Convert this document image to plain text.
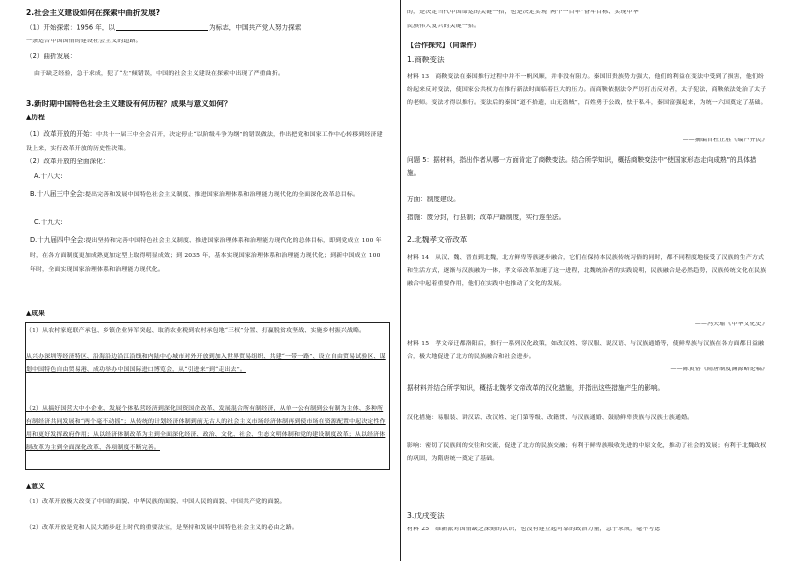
2.社会主义建设如何在探索中曲折发展?
（1）开始探索：1956 年，以	为标志，中国共产党人努力探索
一条适合中国国情的建设社会主义的道路。
（2）曲折发展：
由于缺乏经验，急于求成，犯了“左”倾错误，中国的社会主义建设在探索中出现了严重曲折。
3.新时期中国特色社会主义建设有何历程？成果与意义如何？
▲历程
（1）改革开放的开始：中共十一届三中全会召开，决定停止“以阶级斗争为纲”的错误做法，作出把党和国家工作中心转移到经济建设上来，实行改革开放的历史性决策。
（2）改革开放的全面深化：
A.十八大:
B.十八届三中全会:提出完善和发展中国特色社会主义制度、推进国家治理体系和治理能力现代化的全面深化改革总目标。
C.十九大:
D.十九届四中全会:提出坚持和完善中国特色社会主义制度、推进国家治理体系和治理能力现代化的总体目标，即到党成立 100 年时，在各方面制度更加成熟更加定型上取得明显成效；到 2035 年，基本实现国家治理体系和治理能力现代化；到新中国成立 100 年时，全面实现国家治理体系和治理能力现代化。
▲成果
（1）从农村家庭联产承包、乡镇企业异军突起、取消农业税到农村承包地“三权”分置、打赢脱贫攻坚战、实施乡村振兴战略。
从兴办深圳等经济特区、沿海沿边沿江沿线和内陆中心城市对外开放到加入世界贸易组织、共建“一带一路”、设立自由贸易试验区、谋划中国特色自由贸易港、成功举办中国国际进口博览会，从“引进来”到“走出去”。
（2）从搞好国营大中小企业、发展个体私营经济到深化国资国企改革、发展混合所有制经济，从单一公有制到公有制为主体、多种所有制经济共同发展和“两个毫不动摇”；从传统的计划经济体制到前无古人的社会主义市场经济体制再到使市场在资源配置中起决定性作用和更好发挥政府作用；从以经济体制改革为主到全面深化经济、政治、文化、社会、生态文明体制和党的建设制度改革；从以经济体制改革为主到全面深化改革、各项制度不断完善。
▲意义
（1）改革开放极大改变了中国的面貌、中华民族的面貌、中国人民的面貌、中国共产党的面貌。
（2）改革开放是党和人民大踏步赶上时代的重要法宝，是坚持和发展中国特色社会主义的必由之路。
的，是决定当代中国命运的关键一招，也是决定实现“两个一百年”奋斗目标、实现中华
民族伟大复兴的关键一招。
【合作探究】（同课件）
1.商鞅变法
材料 13　商鞅变法在秦国推行过程中并不一帆风顺，并非没有阻力。秦国旧贵族势力强大，他们的利益在变法中受到了损害，他们纷纷起来反对变法，使国家公共权力在推行新法时面临着巨大的压力。而商鞅依据法令严厉打击反对者，太子犯法，商鞅依法处治了太子的老师。变法才得以推行。变法后的秦国“道不拾遗，山无盗贼”，百姓勇于公战，怯于私斗，秦国富强起来，为统一六国奠定了基础。
——摘编自杜正胜《编户齐民》
问题 5：据材料，指出作者从哪一方面肯定了商鞅变法。结合所学知识，概括商鞅变法中“使国家形态走向成熟”的具体措施。
方面：制度建设。
措施：废分封，行县制；改革户籍制度，实行连坐法。
2.北魏孝文帝改革
材料 14　从汉、魏、晋直到北魏，北方鲜卑等族逐步融合，它们在保持本民族传统习俗的同时，都不同程度地接受了汉族的生产方式和生活方式，逐渐与汉族融为一体，孝文帝改革加速了这一进程，北魏统治者的实践说明，民族融合是必然趋势，汉族传统文化在民族融合中起着重要作用，他们在实践中也推动了文化的发展。
——冯天瑜《中华文化史》
材料 15　孝文帝迁都洛阳后，推行一系列汉化政策，如改汉姓、穿汉服、说汉语、与汉族通婚等，使鲜卑族与汉族在各方面都日益融合，极大地促进了北方的民族融合和社会进步。
——陈寅恪《隋唐制度渊源略论稿》
据材料并结合所学知识，概括北魏孝文帝改革的汉化措施，并指出这些措施产生的影响。
汉化措施：易服装、讲汉话、改汉姓、定门第等级、改籍贯、与汉族通婚、鼓励鲜卑贵族与汉族士族通婚。
影响：密切了民族间的交往和交流，促进了北方的民族交融；有利于鲜卑族吸收先进的中原文化，推动了社会的发展；有利于北魏政权的巩固，为隋唐统一奠定了基础。
3.戊戌变法
材料 25　维新派对国情缺乏深刻的认识，也没有建立起可靠的政治力量，急于求成，毫不考虑
